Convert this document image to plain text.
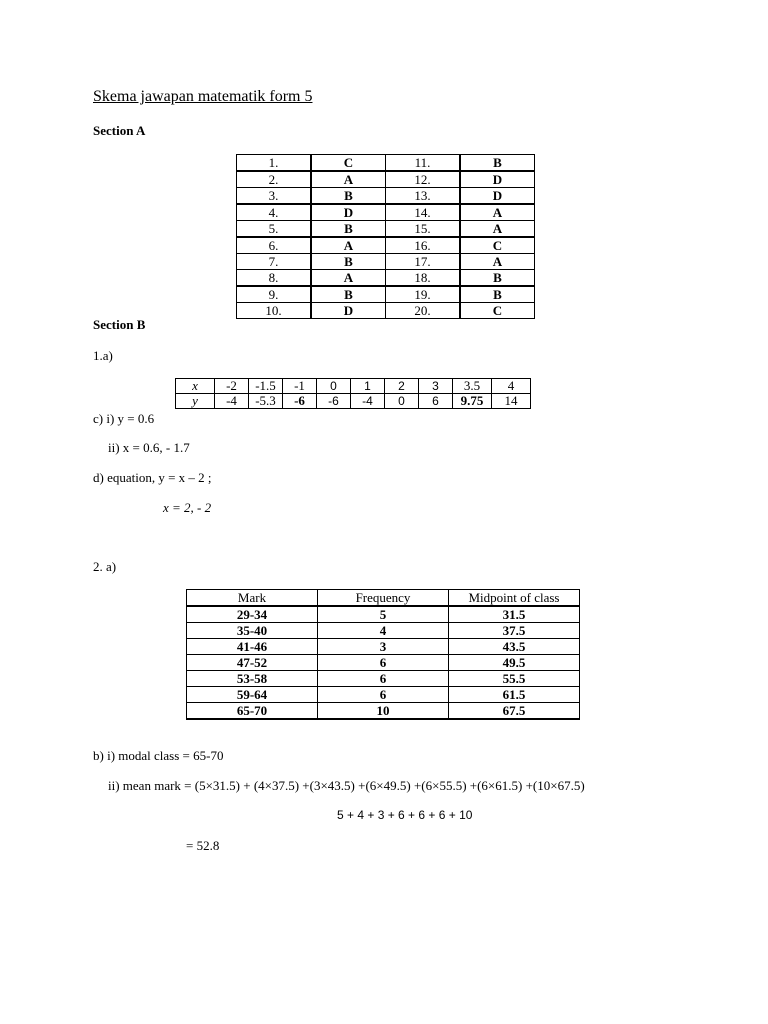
Skema jawapan matematik form 5
Section A
1.	C	11.	B
2.	A	12.	D
3.	B	13.	D
4.	D	14.	A
5.	B	15.	A
6.	A	16.	C
7.	B	17.	A
8.	A	18.	B
9.	B	19.	B
10.	D	20.	C
Section B
1.a)
x	-2	-1.5	-1	0	1	2	3	3.5	4
y	-4	-5.3	-6	-6	-4	0	6	9.75	14
c) i) y = 0.6
ii) x = 0.6, - 1.7
d) equation, y = x – 2 ;
x = 2, - 2
2. a)
Mark	Frequency	Midpoint of class
29-34	5	31.5
35-40	4	37.5
41-46	3	43.5
47-52	6	49.5
53-58	6	55.5
59-64	6	61.5
65-70	10	67.5
b) i) modal class = 65-70
ii) mean mark = (5×31.5) + (4×37.5) +(3×43.5) +(6×49.5) +(6×55.5) +(6×61.5) +(10×67.5)
5 + 4 + 3 + 6 + 6 + 6 + 10
= 52.8
